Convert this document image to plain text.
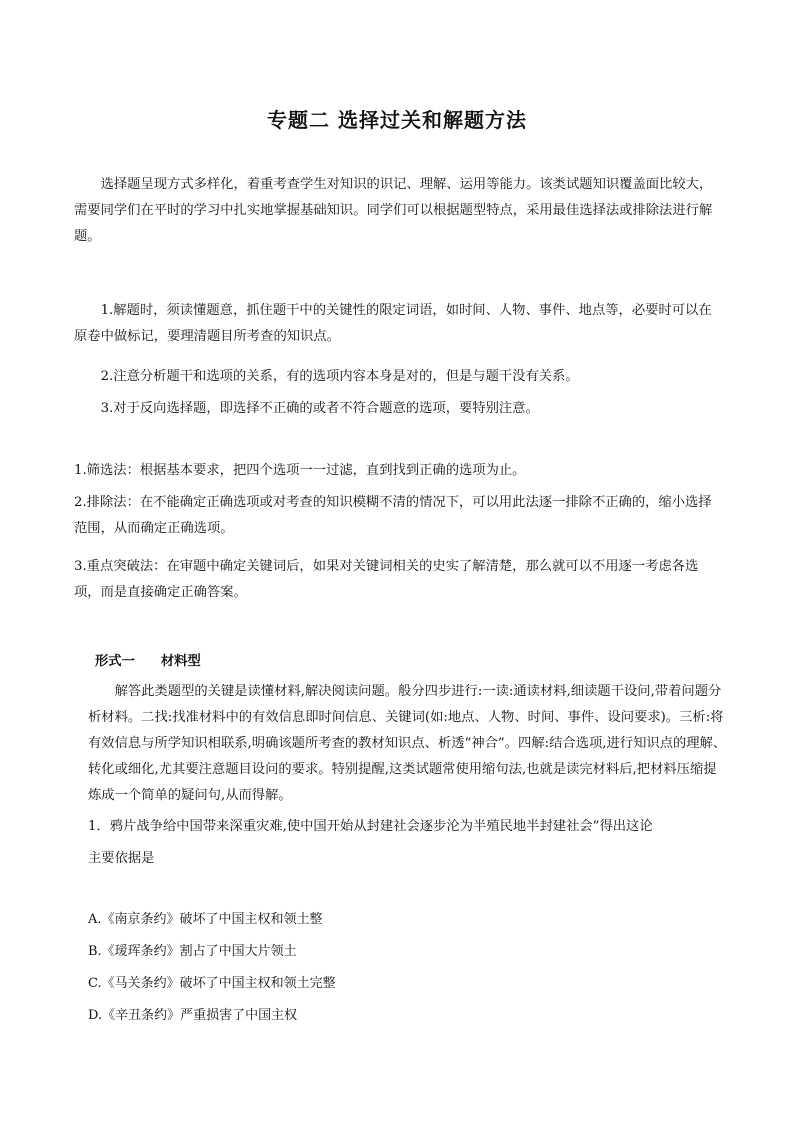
专题二 选择过关和解题方法
选择题呈现方式多样化，着重考查学生对知识的识记、理解、运用等能力。该类试题知识覆盖面比较大，需要同学们在平时的学习中扎实地掌握基础知识。同学们可以根据题型特点，采用最佳选择法或排除法进行解题。
1.解题时，须读懂题意，抓住题干中的关键性的限定词语，如时间、人物、事件、地点等，必要时可以在原卷中做标记，要理清题目所考查的知识点。
2.注意分析题干和选项的关系，有的选项内容本身是对的，但是与题干没有关系。
3.对于反向选择题，即选择不正确的或者不符合题意的选项，要特别注意。
1.筛选法：根据基本要求，把四个选项一一过滤，直到找到正确的选项为止。
2.排除法：在不能确定正确选项或对考查的知识模糊不清的情况下，可以用此法逐一排除不正确的，缩小选择范围，从而确定正确选项。
3.重点突破法：在审题中确定关键词后，如果对关键词相关的史实了解清楚，那么就可以不用逐一考虑各选项，而是直接确定正确答案。
形式一 材料型
解答此类题型的关键是读懂材料,解决阅读问题。般分四步进行:一读:通读材料,细读题干设问,带着问题分析材料。二找:找准材料中的有效信息即时间信息、关键词(如:地点、人物、时间、事件、设问要求)。三析:将有效信息与所学知识相联系,明确该题所考查的教材知识点、析透“神合”。四解:结合选项,进行知识点的理解、转化或细化,尤其要注意题目设问的要求。特别提醒,这类试题常使用缩句法,也就是读完材料后,把材料压缩提炼成一个简单的疑问句,从而得解。
1．鸦片战争给中国带来深重灾难,使中国开始从封建社会逐步沦为半殖民地半封建社会”得出这论
主要依据是
A.《南京条约》破坏了中国主权和领土整
B.《瑷珲条约》割占了中国大片领土
C.《马关条约》破坏了中国主权和领土完整
D.《辛丑条约》严重损害了中国主权
